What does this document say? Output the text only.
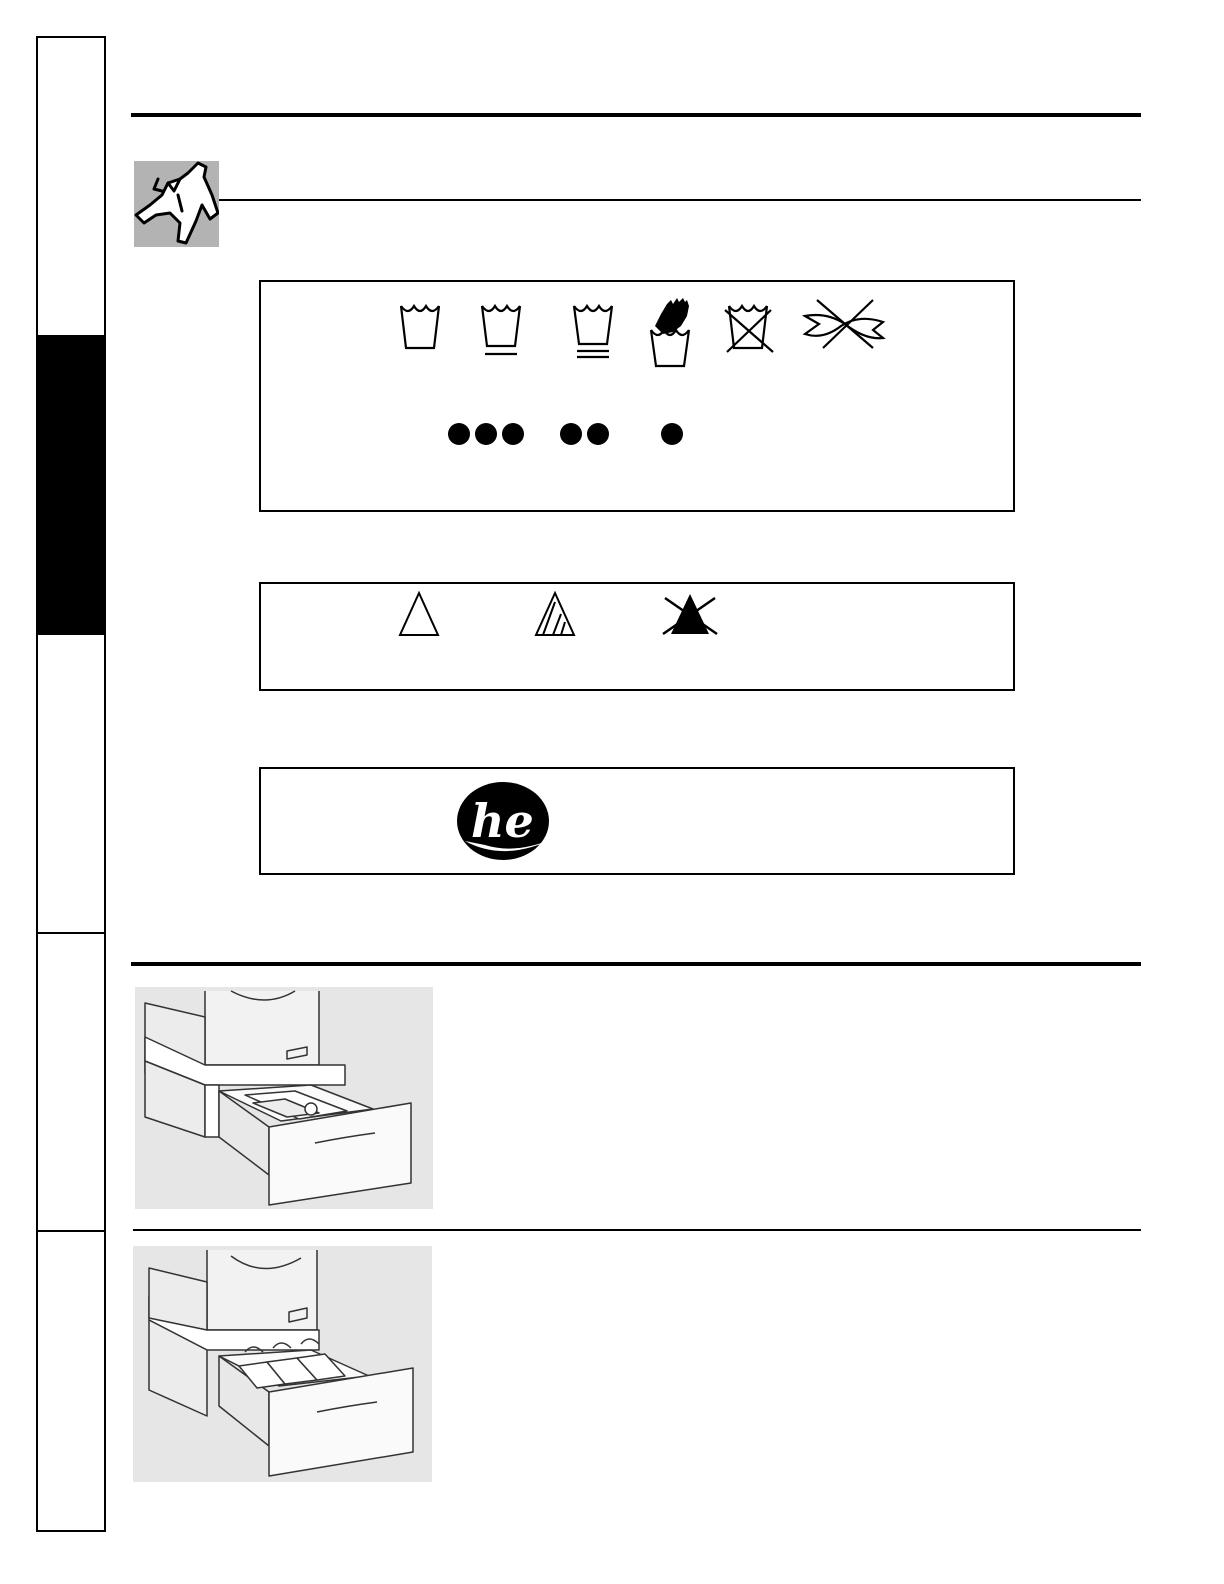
he
